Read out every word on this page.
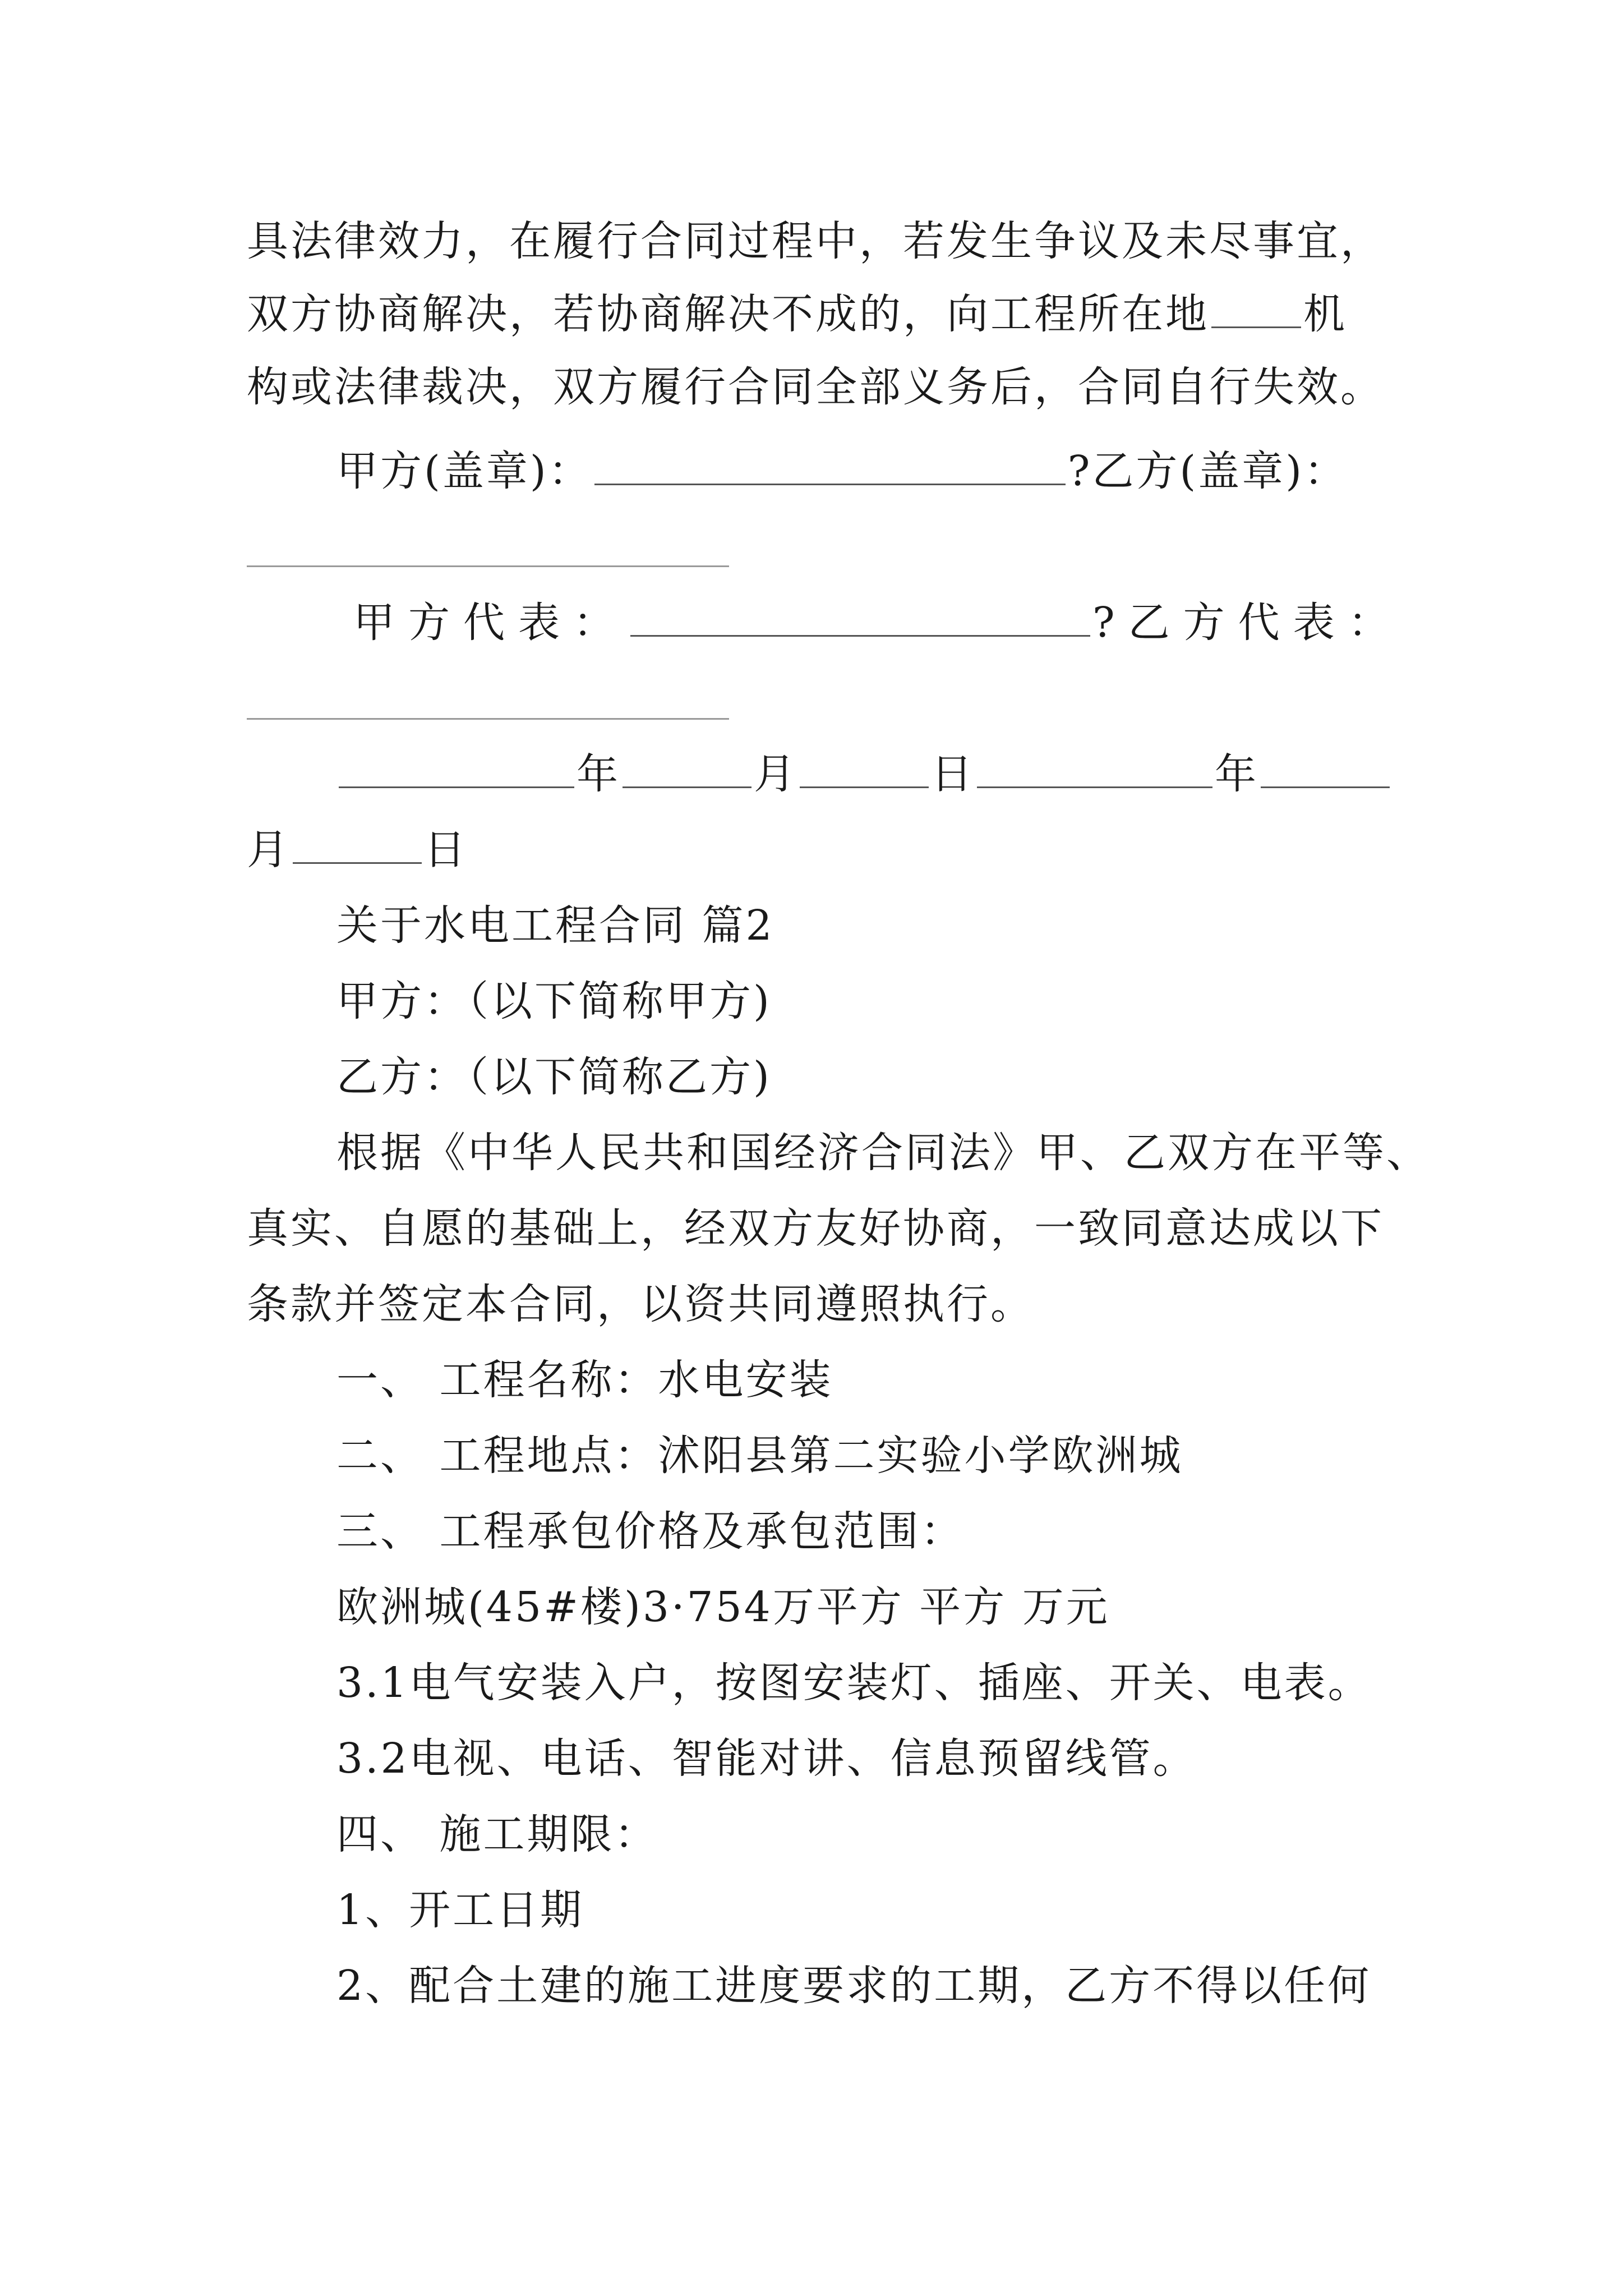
具法律效力，在履行合同过程中，若发生争议及未尽事宜，
双方协商解决，若协商解决不成的，向工程所在地 机
构或法律裁决，双方履行合同全部义务后，合同自行失效。
甲方(盖章)：	?乙方(盖章)：
甲方代表：	?乙方代表：
年	月	日	年
月	日
关于水电工程合同 篇2
甲方：（以下简称甲方)
乙方：（以下简称乙方)
根据《中华人民共和国经济合同法》甲、乙双方在平等、
真实、自愿的基础上，经双方友好协商，一致同意达成以下
条款并签定本合同，以资共同遵照执行。
一、 工程名称：水电安装
二、 工程地点：沭阳县第二实验小学欧洲城
三、 工程承包价格及承包范围：
欧洲城(45#楼)3·754万平方 平方 万元
3.1电气安装入户，按图安装灯、插座、开关、电表。
3.2电视、电话、智能对讲、信息预留线管。
四、 施工期限：
1、开工日期
2、配合土建的施工进度要求的工期，乙方不得以任何
